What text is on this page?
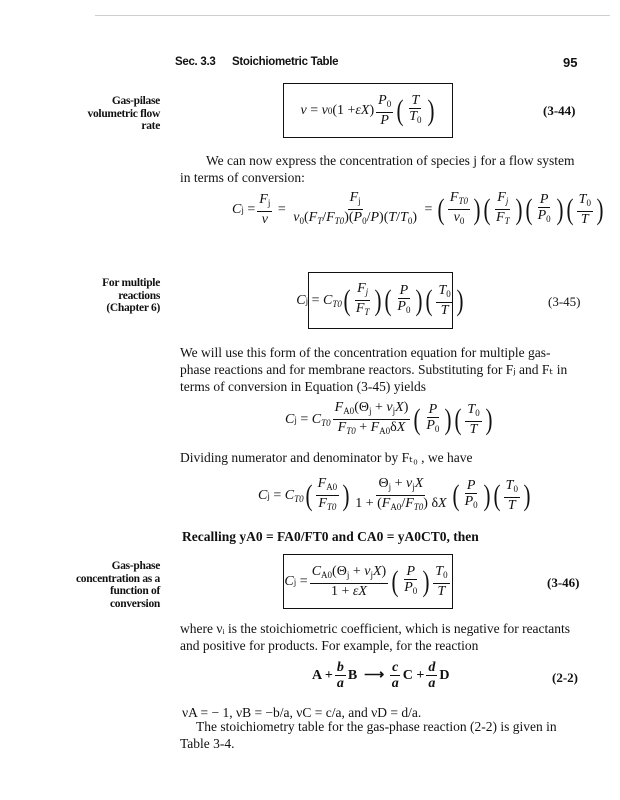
Sec. 3.3 Stoichiometric Table	95
Gas-pilase
volumetric flow
rate
v = v 0 (1 + εX ) $\frac{P_0}{P}$ ( $\frac{T}{T_0}$
)	(3-44)
We can now express the concentration of species j for a flow system in terms of conversion:
C $j = \frac{F_j}{v} = \frac{F_j}{v_0(F_T/F_{T0})(P_0/P)(T/T_0)}$ = ( $\frac{F_{T0}}{v_0}$
) ( $\frac{F_j}{F_T}$
) ( $\frac{P}{P_0}$
) ( $\frac{T_0}{T}$
)
For multiple
reactions
(Chapter 6)
C $j = C_{T0}$ ( $\frac{F_j}{F_T}$
) ( $\frac{P}{P_0}$
) ( $\frac{T_0}{T}$
)	(3-45)
We will use this form of the concentration equation for multiple gas-phase reactions and for membrane reactors. Substituting for Fⱼ and Fₜ in terms of conversion in Equation (3-45) yields
C $j = C_{T0} \frac{F_{A0}(\Theta_j + \nu_jX)}{F_{T0} + F_{A0}\delta X}$ ( $\frac{P}{P_0}$
) ( $\frac{T_0}{T}$
)
Dividing numerator and denominator by Fₜ₀ , we have
C $j = C_{T0}$ ( $\frac{F_{A0}}{F_{T0}}$
) $\frac{\Theta_j + \nu_jX}{1 + (F_{A0}/F_{T0}) \delta X}$ ( $\frac{P}{P_0}$
) ( $\frac{T_0}{T}$
)
Recalling yA0 = FA0/FT0 and CA0 = yA0CT0, then
Gas-phase
concentration as a
function of
conversion
C $j = \frac{C_{A0}(\Theta_j + \nu_jX)}{1 + \varepsilon X}$ ( $\frac{P}{P_0}$
) $\frac{T_0}{T}$	(3-46)
where νᵢ is the stoichiometric coefficient, which is negative for reactants and positive for products. For example, for the reaction
$A + \frac{b}{a}$ B  ⟶ $\frac{c}{a}$ $C + \frac{d}{a}$ D	(2-2)
νA = − 1, νB = −b/a, νC = c/a, and νD = d/a.
The stoichiometry table for the gas-phase reaction (2-2) is given in Table 3-4.
